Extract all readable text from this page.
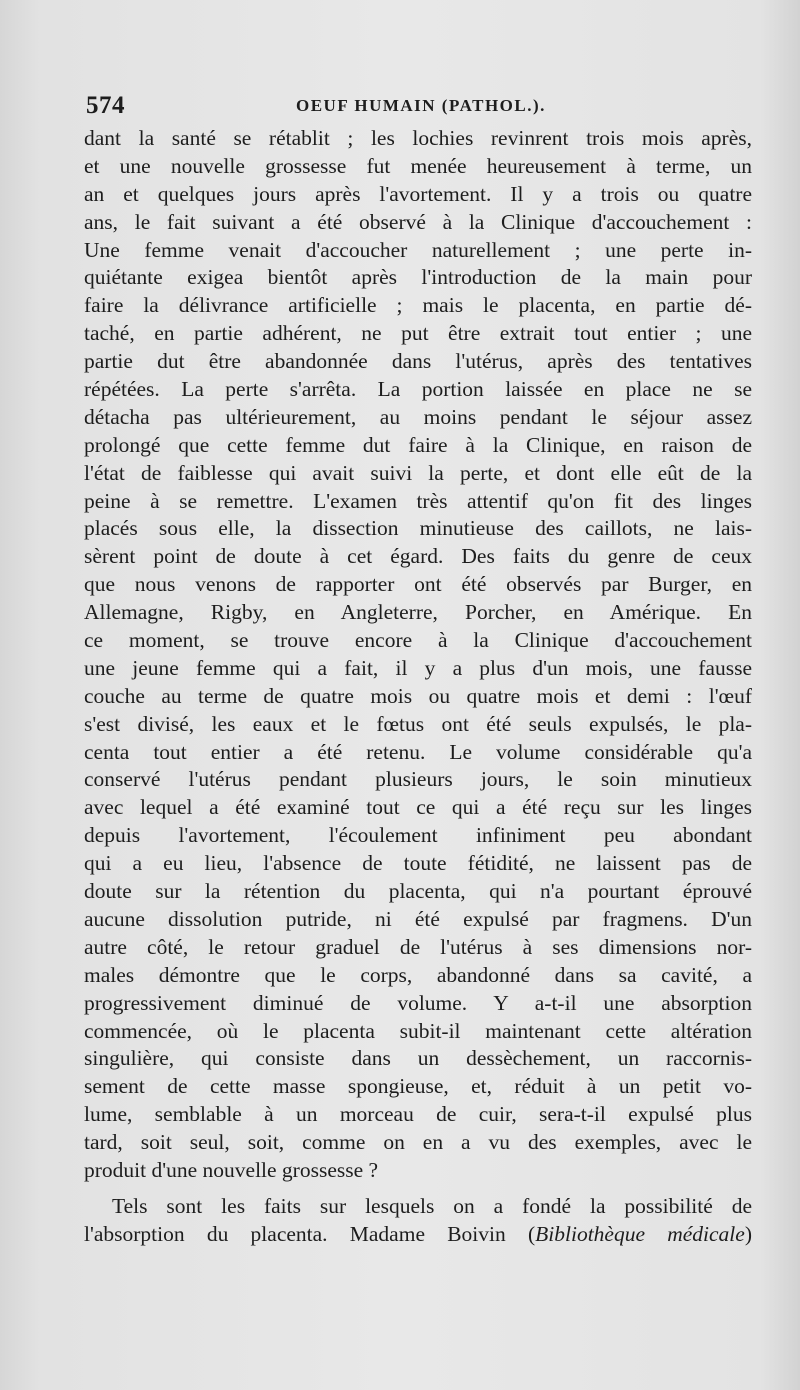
574	OEUF HUMAIN (PATHOL.).
dant la santé se rétablit ; les lochies revinrent trois mois après,
et une nouvelle grossesse fut menée heureusement à terme, un
an et quelques jours après l'avortement. Il y a trois ou quatre
ans, le fait suivant a été observé à la Clinique d'accouchement :
Une femme venait d'accoucher naturellement ; une perte in-
quiétante exigea bientôt après l'introduction de la main pour
faire la délivrance artificielle ; mais le placenta, en partie dé-
taché, en partie adhérent, ne put être extrait tout entier ; une
partie dut être abandonnée dans l'utérus, après des tentatives
répétées. La perte s'arrêta. La portion laissée en place ne se
détacha pas ultérieurement, au moins pendant le séjour assez
prolongé que cette femme dut faire à la Clinique, en raison de
l'état de faiblesse qui avait suivi la perte, et dont elle eût de la
peine à se remettre. L'examen très attentif qu'on fit des linges
placés sous elle, la dissection minutieuse des caillots, ne lais-
sèrent point de doute à cet égard. Des faits du genre de ceux
que nous venons de rapporter ont été observés par Burger, en
Allemagne, Rigby, en Angleterre, Porcher, en Amérique. En
ce moment, se trouve encore à la Clinique d'accouchement
une jeune femme qui a fait, il y a plus d'un mois, une fausse
couche au terme de quatre mois ou quatre mois et demi : l'œuf
s'est divisé, les eaux et le fœtus ont été seuls expulsés, le pla-
centa tout entier a été retenu. Le volume considérable qu'a
conservé l'utérus pendant plusieurs jours, le soin minutieux
avec lequel a été examiné tout ce qui a été reçu sur les linges
depuis l'avortement, l'écoulement infiniment peu abondant
qui a eu lieu, l'absence de toute fétidité, ne laissent pas de
doute sur la rétention du placenta, qui n'a pourtant éprouvé
aucune dissolution putride, ni été expulsé par fragmens. D'un
autre côté, le retour graduel de l'utérus à ses dimensions nor-
males démontre que le corps, abandonné dans sa cavité, a
progressivement diminué de volume. Y a-t-il une absorption
commencée, où le placenta subit-il maintenant cette altération
singulière, qui consiste dans un dessèchement, un raccornis-
sement de cette masse spongieuse, et, réduit à un petit vo-
lume, semblable à un morceau de cuir, sera-t-il expulsé plus
tard, soit seul, soit, comme on en a vu des exemples, avec le
produit d'une nouvelle grossesse ?
Tels sont les faits sur lesquels on a fondé la possibilité de
l'absorption du placenta. Madame Boivin (Bibliothèque médicale)
